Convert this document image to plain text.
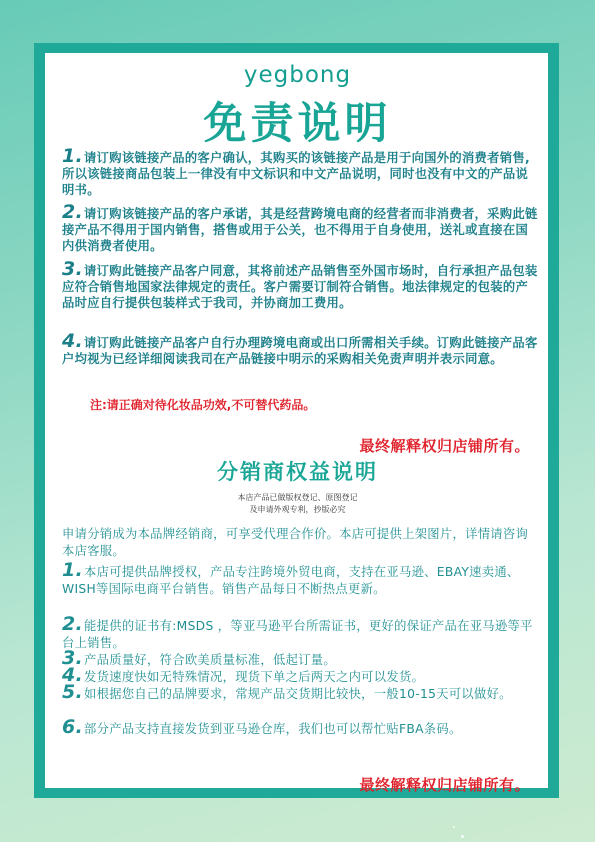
yegbong
免责说明
1.请订购该链接产品的客户确认，其购买的该链接产品是用于向国外的消费者销售,所以该链接商品包装上一律没有中文标识和中文产品说明，同时也没有中文的产品说明书。
2.请订购该链接产品的客户承诺，其是经营跨境电商的经营者而非消费者，采购此链接产品不得用于国内销售，搭售或用于公关，也不得用于自身使用，送礼或直接在国内供消费者使用。
3.请订购此链接产品客户同意，其将前述产品销售至外国市场时，自行承担产品包装应符合销售地国家法律规定的责任。客户需要订制符合销售。地法律规定的包装的产品时应自行提供包装样式于我司，并协商加工费用。
4.请订购此链接产品客户自行办理跨境电商或出口所需相关手续。订购此链接产品客户均视为已经详细阅读我司在产品链接中明示的采购相关免责声明并表示同意。
注:请正确对待化妆品功效,不可替代药品。
最终解释权归店铺所有。
分销商权益说明
本店产品已做版权登记、原图登记
及申请外观专利，抄版必究
申请分销成为本品牌经销商，可享受代理合作价。本店可提供上架图片，详情请咨询本店客服。
1.本店可提供品牌授权，产品专注跨境外贸电商，支持在亚马逊、EBAY速卖通、WISH等国际电商平台销售。销售产品每日不断热点更新。
2.能提供的证书有:MSDS ，等亚马逊平台所需证书，更好的保证产品在亚马逊等平台上销售。
3.产品质量好，符合欧美质量标准，低起订量。
4.发货速度快如无特殊情况，现货下单之后两天之内可以发货。
5.如根据您自己的品牌要求，常规产品交货期比较快，一般10-15天可以做好。
6.部分产品支持直接发货到亚马逊仓库，我们也可以帮忙贴FBA条码。
最终解释权归店铺所有。
